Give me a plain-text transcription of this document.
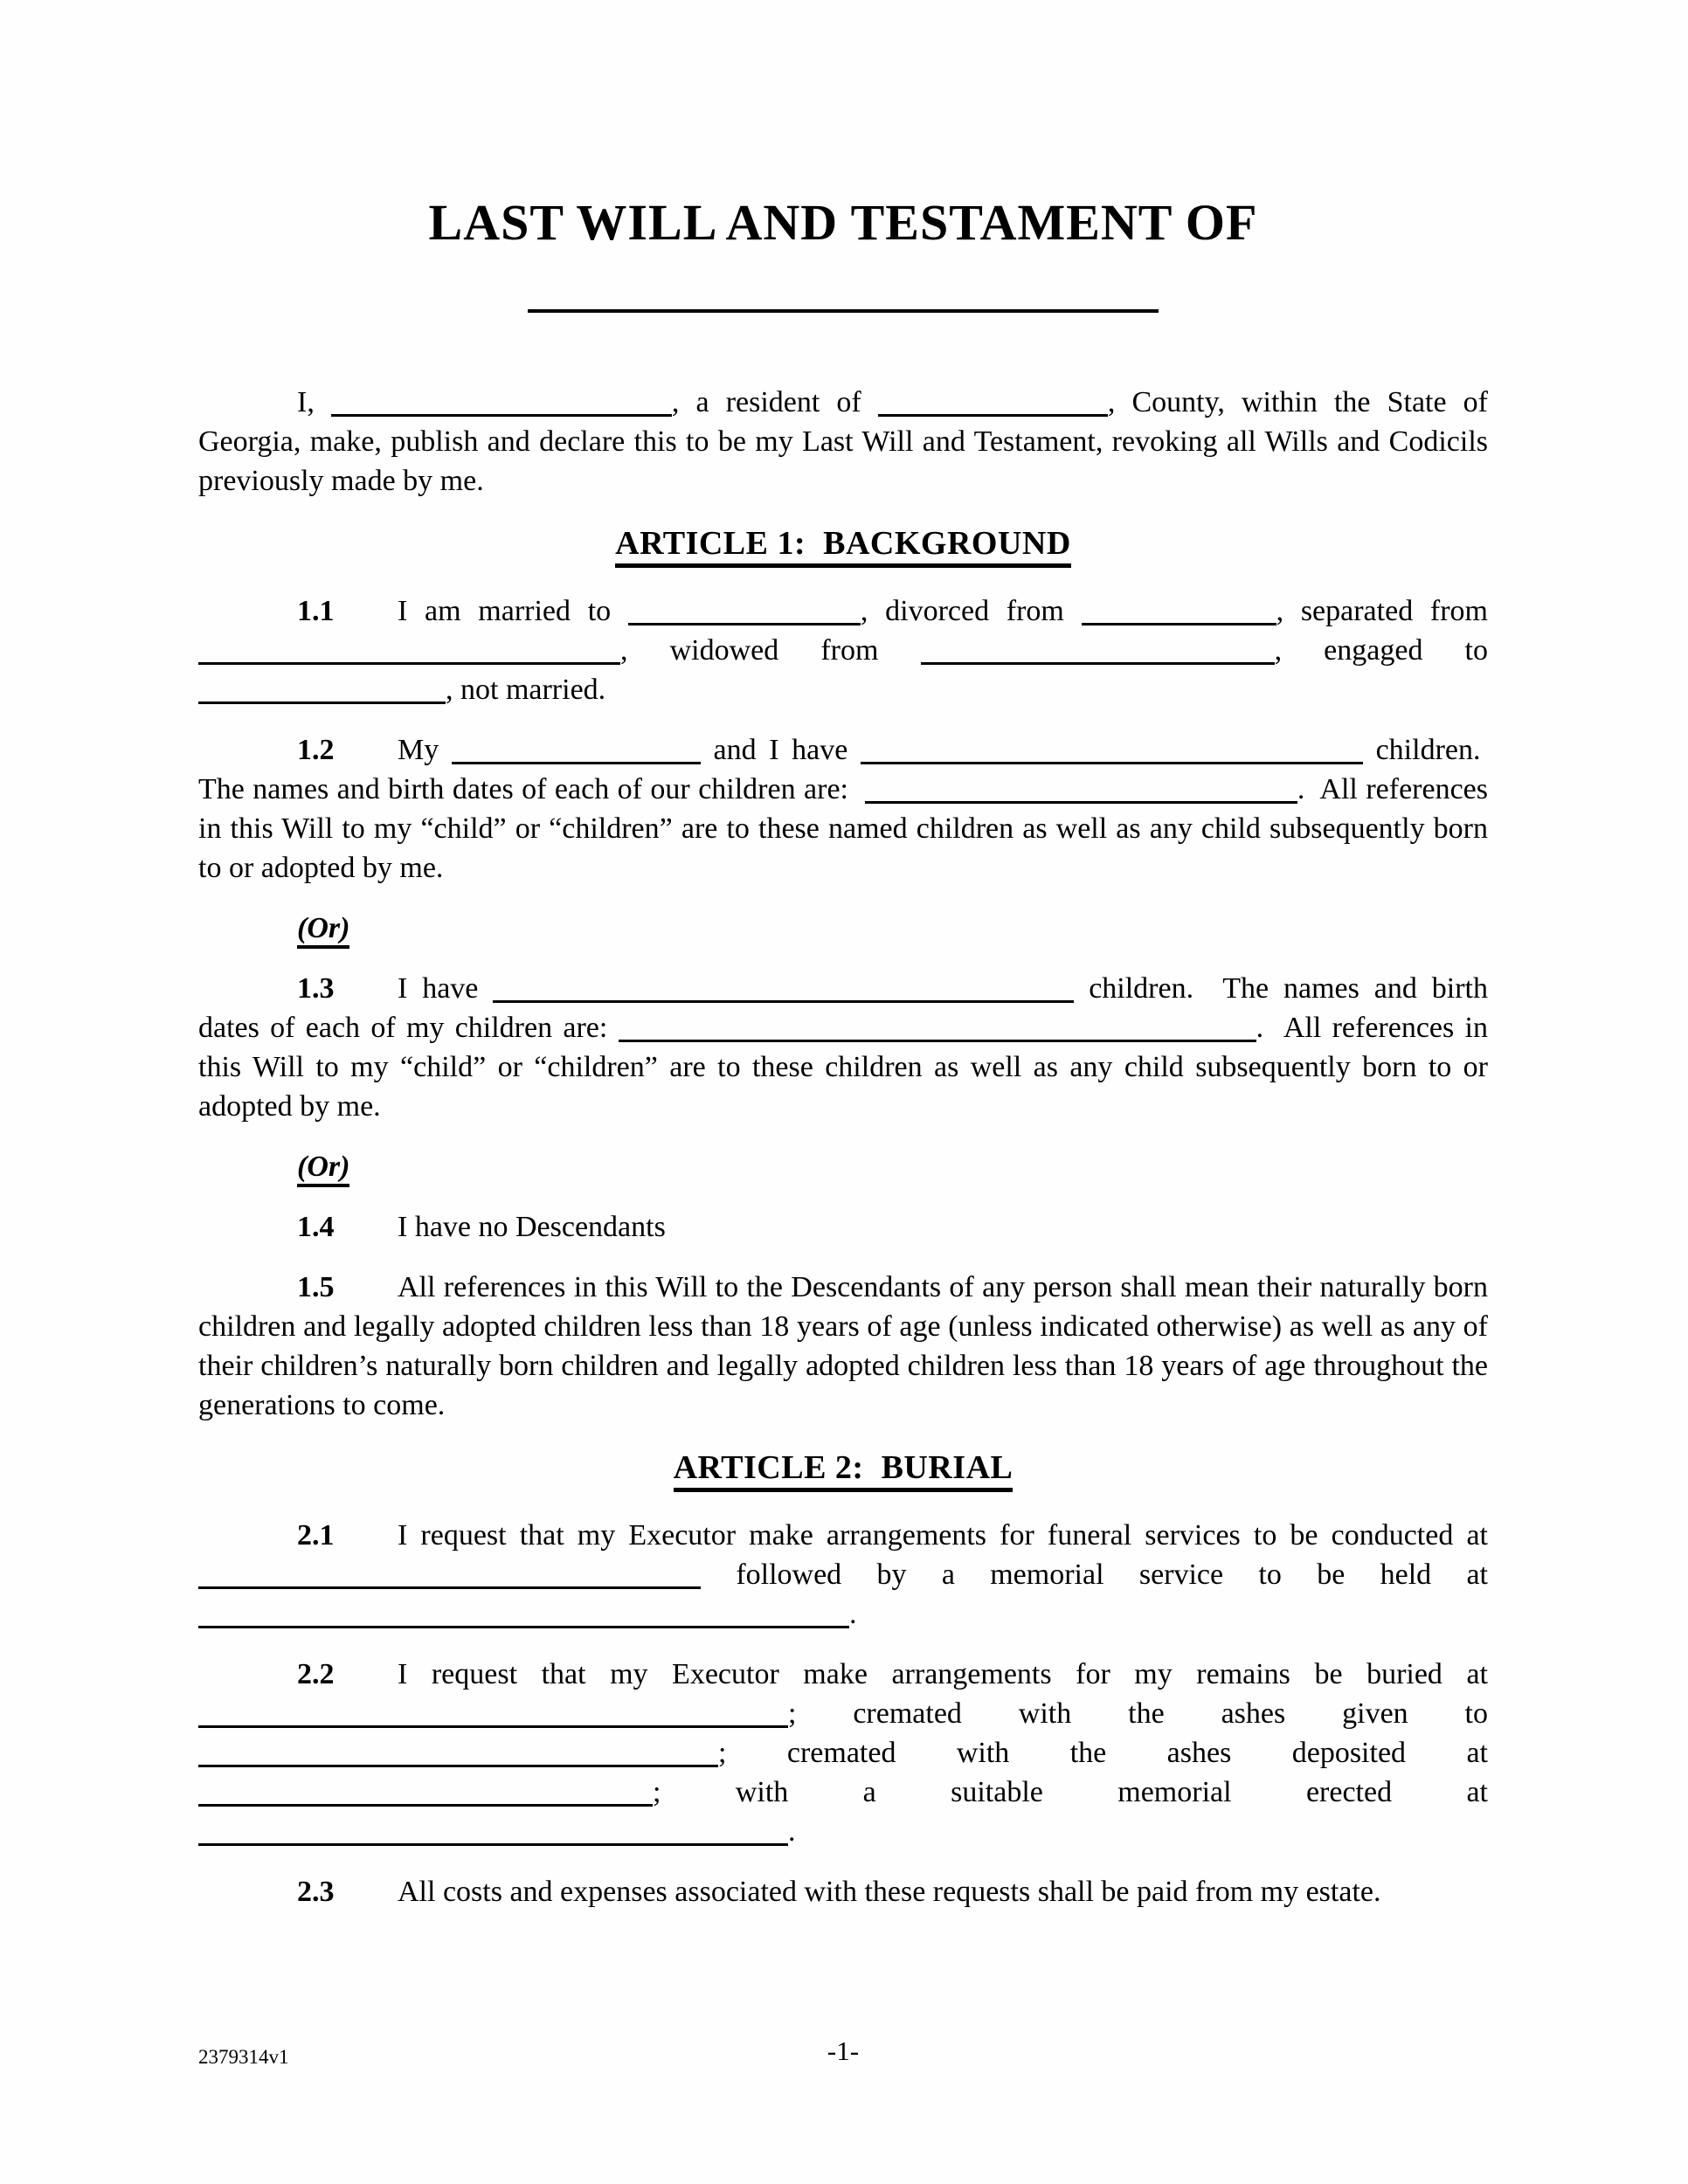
LAST WILL AND TESTAMENT OF

I,	, a resident of	, County, within the State of Georgia, make, publish and declare this to be my Last Will and Testament, revoking all Wills and Codicils previously made by me.

ARTICLE 1:  BACKGROUND

1.1 I am married to	, divorced from	, separated from , widowed from	, engaged to , not married.

1.2 My	and I have	children.  The names and birth dates of each of our children are:	.  All references in this Will to my “child” or “children” are to these named children as well as any child subsequently born to or adopted by me.

(Or)

1.3 I have	children.  The names and birth dates of each of my children are:	.  All references in this Will to my “child” or “children” are to these children as well as any child subsequently born to or adopted by me.

(Or)

1.4 I have no Descendants

1.5 All references in this Will to the Descendants of any person shall mean their naturally born children and legally adopted children less than 18 years of age (unless indicated otherwise) as well as any of their children’s naturally born children and legally adopted children less than 18 years of age throughout the generations to come.

ARTICLE 2:  BURIAL

2.1 I request that my Executor make arrangements for funeral services to be conducted at  followed by a memorial service to be held at .

2.2 I request that my Executor make arrangements for my remains be buried at ; cremated with the ashes given to ; cremated with the ashes deposited at ; with a suitable memorial erected at .

2.3 All costs and expenses associated with these requests shall be paid from my estate.

2379314v1	-1-
